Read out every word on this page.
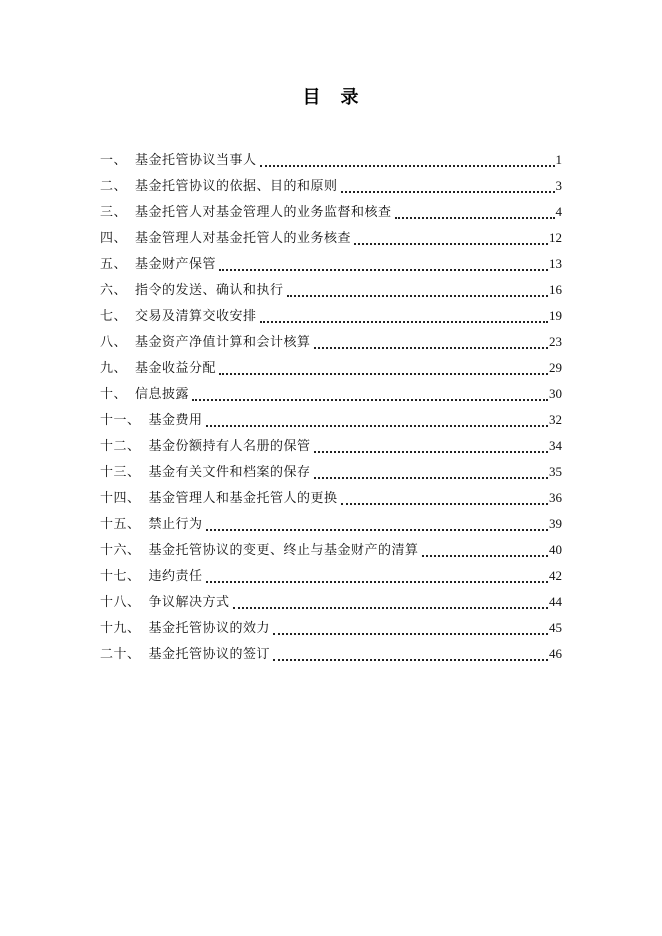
目　录
一、 基金托管协议当事人	1
二、 基金托管协议的依据、目的和原则	3
三、 基金托管人对基金管理人的业务监督和核查	4
四、 基金管理人对基金托管人的业务核查	12
五、 基金财产保管	13
六、 指令的发送、确认和执行	16
七、 交易及清算交收安排	19
八、 基金资产净值计算和会计核算	23
九、 基金收益分配	29
十、 信息披露	30
十一、 基金费用	32
十二、 基金份额持有人名册的保管	34
十三、 基金有关文件和档案的保存	35
十四、 基金管理人和基金托管人的更换	36
十五、 禁止行为	39
十六、 基金托管协议的变更、终止与基金财产的清算	40
十七、 违约责任	42
十八、 争议解决方式	44
十九、 基金托管协议的效力	45
二十、 基金托管协议的签订	46
